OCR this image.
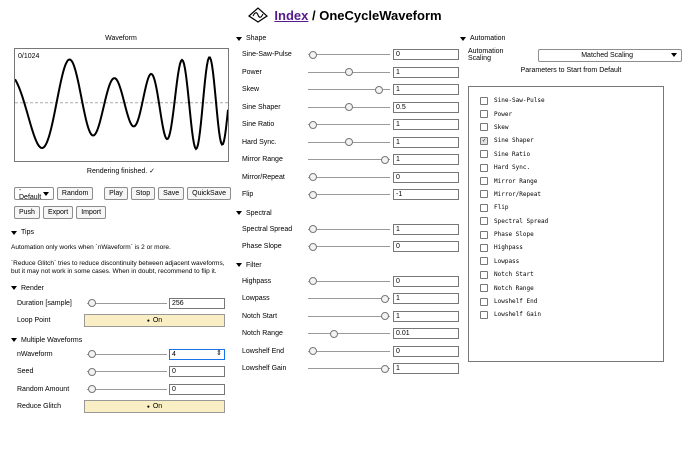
Index / OneCycleWaveform
Waveform
0/1024
Rendering finished. ✓
- Default	Random	Play	Stop	Save	QuickSave
Push	Export	Import
Tips

Automation only works when `nWaveform` is 2 or more.

`Reduce Glitch` tries to reduce discontinuity between adjacent waveforms,

but it may not work in some cases. When in doubt, recommend to flip it.

Render
Duration [sample]	256
Loop Point	● On
Multiple Waveforms
nWaveform	4	⇕
Seed	0
Random Amount	0
Reduce Glitch	● On
Shape
Sine-Saw-Pulse	0
Power	1
Skew	1
Sine Shaper	0.5
Sine Ratio	1
Hard Sync.	1
Mirror Range	1
Mirror/Repeat	0
Flip	-1
Spectral
Spectral Spread	1
Phase Slope	0
Filter
Highpass	0
Lowpass	1
Notch Start	1
Notch Range	0.01
Lowshelf End	0
Lowshelf Gain	1
Automation
Automation Scaling	Matched Scaling
Parameters to Start from Default
Sine-Saw-Pulse
Power
Skew
✓ Sine Shaper
Sine Ratio
Hard Sync.
Mirror Range
Mirror/Repeat
Flip
Spectral Spread
Phase Slope
Highpass
Lowpass
Notch Start
Notch Range
Lowshelf End
Lowshelf Gain
